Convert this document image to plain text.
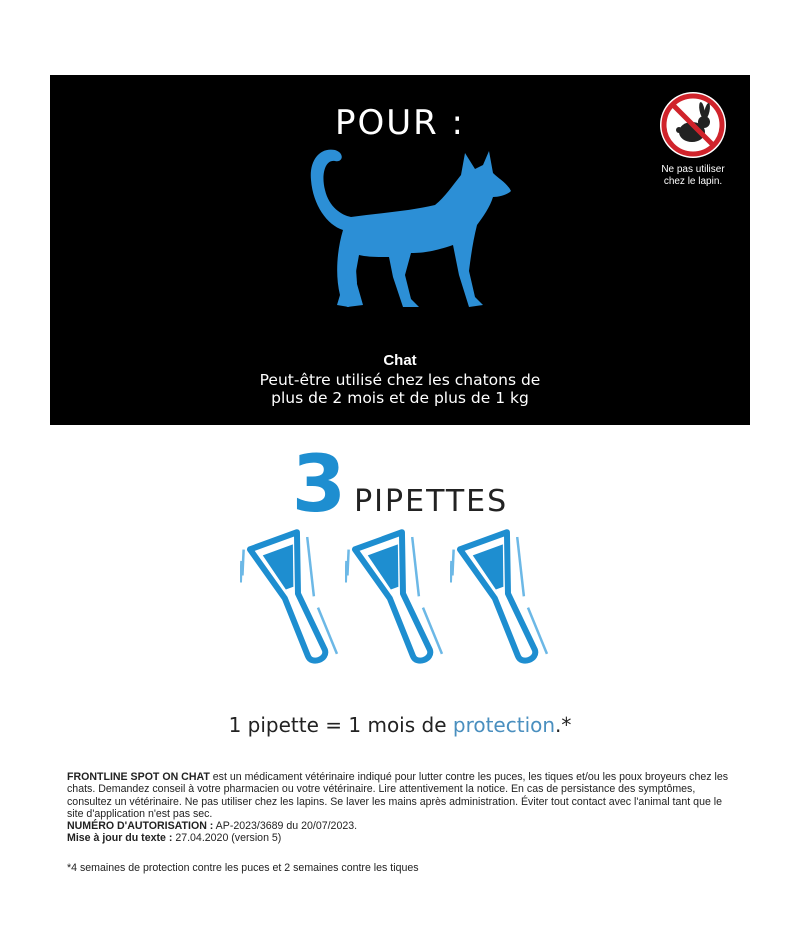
POUR :
Ne pas utiliser
chez le lapin.
Chat
Peut-être utilisé chez les chatons de
plus de 2 mois et de plus de 1 kg
3 PIPETTES
1 pipette = 1 mois de protection.*
FRONTLINE SPOT ON CHAT est un médicament vétérinaire indiqué pour lutter contre les puces, les tiques et/ou les poux broyeurs chez les chats. Demandez conseil à votre pharmacien ou votre vétérinaire. Lire attentivement la notice. En cas de persistance des symptômes, consultez un vétérinaire. Ne pas utiliser chez les lapins. Se laver les mains après administration. Éviter tout contact avec l'animal tant que le site d'application n'est pas sec.
NUMÉRO D'AUTORISATION : AP-2023/3689 du 20/07/2023.
Mise à jour du texte : 27.04.2020 (version 5)
*4 semaines de protection contre les puces et 2 semaines contre les tiques
